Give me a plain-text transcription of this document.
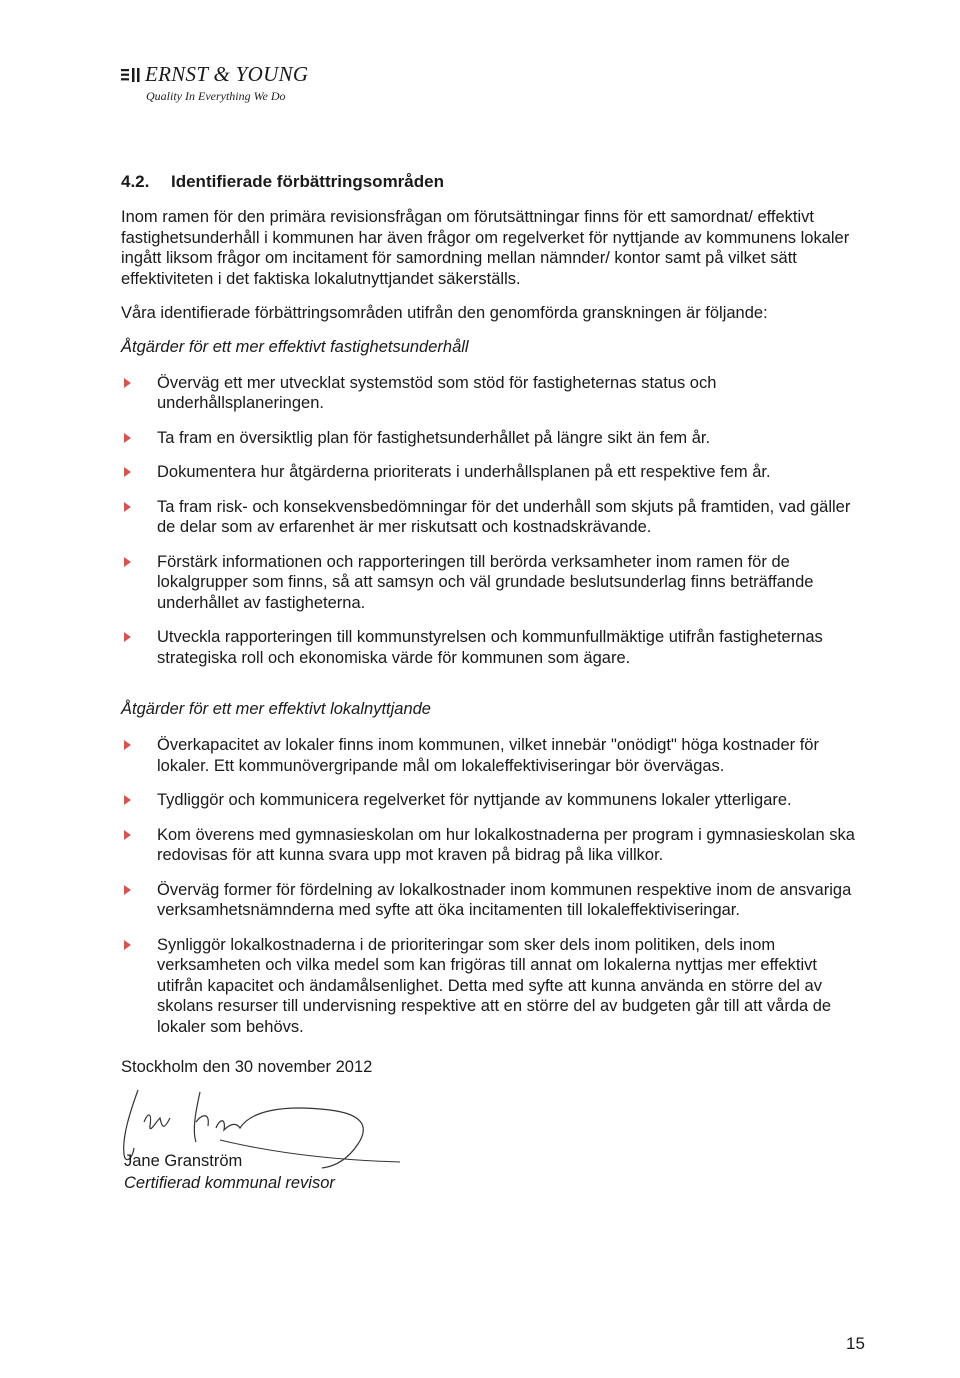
ERNST & YOUNG
Quality In Everything We Do
4.2.	Identifierade förbättringsområden

Inom ramen för den primära revisionsfrågan om förutsättningar finns för ett samordnat/ effektivt fastighetsunderhåll i kommunen har även frågor om regelverket för nyttjande av kommunens lokaler ingått liksom frågor om incitament för samordning mellan nämnder/ kontor samt på vilket sätt effektiviteten i det faktiska lokalutnyttjandet säkerställs.

Våra identifierade förbättringsområden utifrån den genomförda granskningen är följande:

Åtgärder för ett mer effektivt fastighetsunderhåll
Överväg ett mer utvecklat systemstöd som stöd för fastigheternas status och underhållsplaneringen.
Ta fram en översiktlig plan för fastighetsunderhållet på längre sikt än fem år.
Dokumentera hur åtgärderna prioriterats i underhållsplanen på ett respektive fem år.
Ta fram risk- och konsekvensbedömningar för det underhåll som skjuts på framtiden, vad gäller de delar som av erfarenhet är mer riskutsatt och kostnadskrävande.
Förstärk informationen och rapporteringen till berörda verksamheter inom ramen för de lokalgrupper som finns, så att samsyn och väl grundade beslutsunderlag finns beträffande underhållet av fastigheterna.
Utveckla rapporteringen till kommunstyrelsen och kommunfullmäktige utifrån fastigheternas strategiska roll och ekonomiska värde för kommunen som ägare.
Åtgärder för ett mer effektivt lokalnyttjande
Överkapacitet av lokaler finns inom kommunen, vilket innebär "onödigt" höga kostnader för lokaler. Ett kommunövergripande mål om lokaleffektiviseringar bör övervägas.
Tydliggör och kommunicera regelverket för nyttjande av kommunens lokaler ytterligare.
Kom överens med gymnasieskolan om hur lokalkostnaderna per program i gymnasieskolan ska redovisas för att kunna svara upp mot kraven på bidrag på lika villkor.
Överväg former för fördelning av lokalkostnader inom kommunen respektive inom de ansvariga verksamhetsnämnderna med syfte att öka incitamenten till lokaleffektiviseringar.
Synliggör lokalkostnaderna i de prioriteringar som sker dels inom politiken, dels inom verksamheten och vilka medel som kan frigöras till annat om lokalerna nyttjas mer effektivt utifrån kapacitet och ändamålsenlighet. Detta med syfte att kunna använda en större del av skolans resurser till undervisning respektive att en större del av budgeten går till att vårda de lokaler som behövs.
Stockholm den 30 november 2012
Jane Granström
Certifierad kommunal revisor
15
